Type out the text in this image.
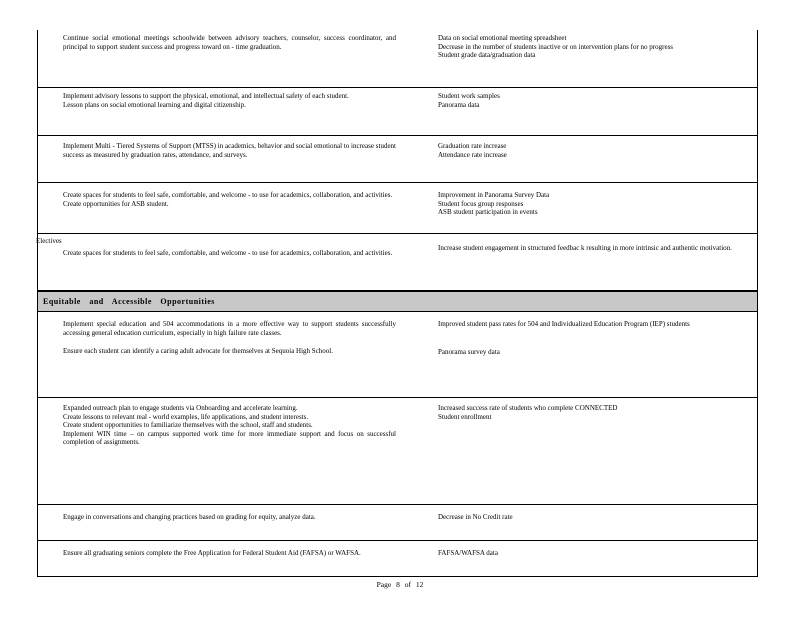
Continue social emotional meetings schoolwide between advisory teachers, counselor, success coordinator, and principal to support student success and progress toward on - time graduation.
Data on social emotional meeting spreadsheet
Decrease in the number of students inactive or on intervention plans for no progress
Student grade data/graduation data
Implement advisory lessons to support the physical, emotional, and intellectual safety of each student.
Lesson plans on social emotional learning and digital citizenship.
Student work samples
Panorama data
Implement Multi - Tiered Systems of Support (MTSS) in academics, behavior and social emotional to increase student success as measured by graduation rates, attendance, and surveys.
Graduation rate increase
Attendance rate increase
Create spaces for students to feel safe, comfortable, and welcome - to use for academics, collaboration, and activities.
Create opportunities for ASB student.
Improvement in Panorama Survey Data
Student focus group responses
ASB student participation in events
Electives
Create spaces for students to feel safe, comfortable, and welcome - to use for academics, collaboration, and activities.
Increase student engagement in structured feedbac k resulting in more intrinsic and authentic motivation.
Equitable and Accessible Opportunities
Implement special education and 504 accommodations in a more effective way to support students successfully accessing general education curriculum, especially in high failure rate classes.
Ensure each student can identify a caring adult advocate for themselves at Sequoia High School.
Improved student pass rates for 504 and Individualized Education Program (IEP) students
Panorama survey data
Expanded outreach plan to engage students via Onboarding and accelerate learning.
Create lessons to relevant real - world examples, life applications, and student interests.
Create student opportunities to familiarize themselves with the school, staff and students.
Implement WIN time – on campus supported work time for more immediate support and focus on successful completion of assignments.
Increased success rate of students who complete CONNECTED
Student enrollment
Engage in conversations and changing practices based on grading for equity, analyze data.	Decrease in No Credit rate
Ensure all graduating seniors complete the Free Application for Federal Student Aid (FAFSA) or WAFSA.	FAFSA/WAFSA data
Page 8 of 12
